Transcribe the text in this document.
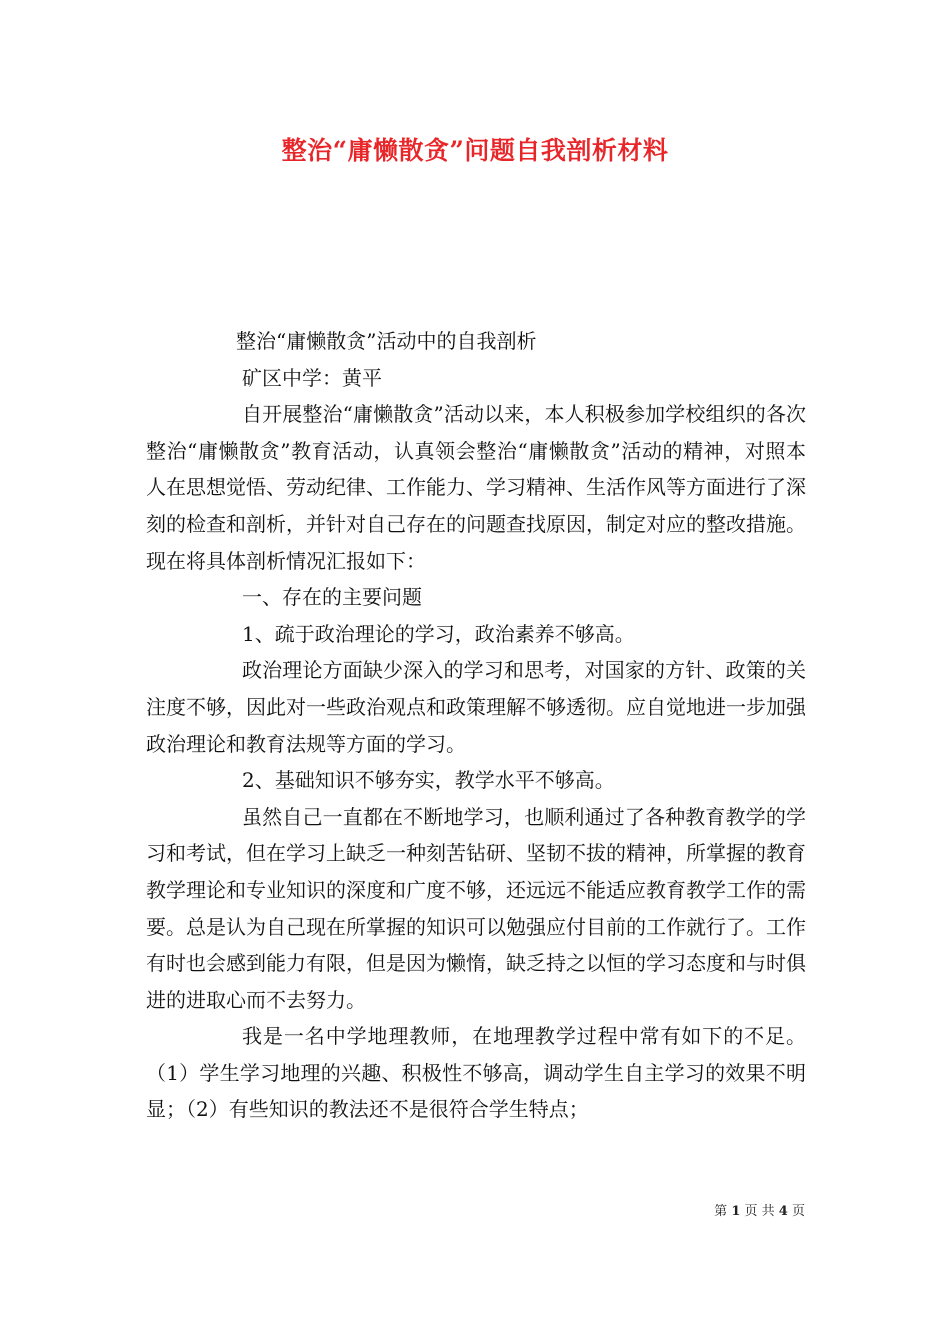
整治“庸懒散贪”问题自我剖析材料

整治“庸懒散贪”活动中的自我剖析

矿区中学：黄平

自开展整治“庸懒散贪”活动以来，本人积极参加学校组织的各次整治“庸懒散贪”教育活动，认真领会整治“庸懒散贪”活动的精神，对照本人在思想觉悟、劳动纪律、工作能力、学习精神、生活作风等方面进行了深刻的检查和剖析，并针对自己存在的问题查找原因，制定对应的整改措施。现在将具体剖析情况汇报如下：

一、存在的主要问题

1、疏于政治理论的学习，政治素养不够高。

政治理论方面缺少深入的学习和思考，对国家的方针、政策的关注度不够，因此对一些政治观点和政策理解不够透彻。应自觉地进一步加强政治理论和教育法规等方面的学习。

2、基础知识不够夯实，教学水平不够高。

虽然自己一直都在不断地学习，也顺利通过了各种教育教学的学习和考试，但在学习上缺乏一种刻苦钻研、坚韧不拔的精神，所掌握的教育教学理论和专业知识的深度和广度不够，还远远不能适应教育教学工作的需要。总是认为自己现在所掌握的知识可以勉强应付目前的工作就行了。工作有时也会感到能力有限，但是因为懒惰，缺乏持之以恒的学习态度和与时俱进的进取心而不去努力。

我是一名中学地理教师，在地理教学过程中常有如下的不足。（1）学生学习地理的兴趣、积极性不够高，调动学生自主学习的效果不明显；（2）有些知识的教法还不是很符合学生特点；

第 1 页 共 4 页
